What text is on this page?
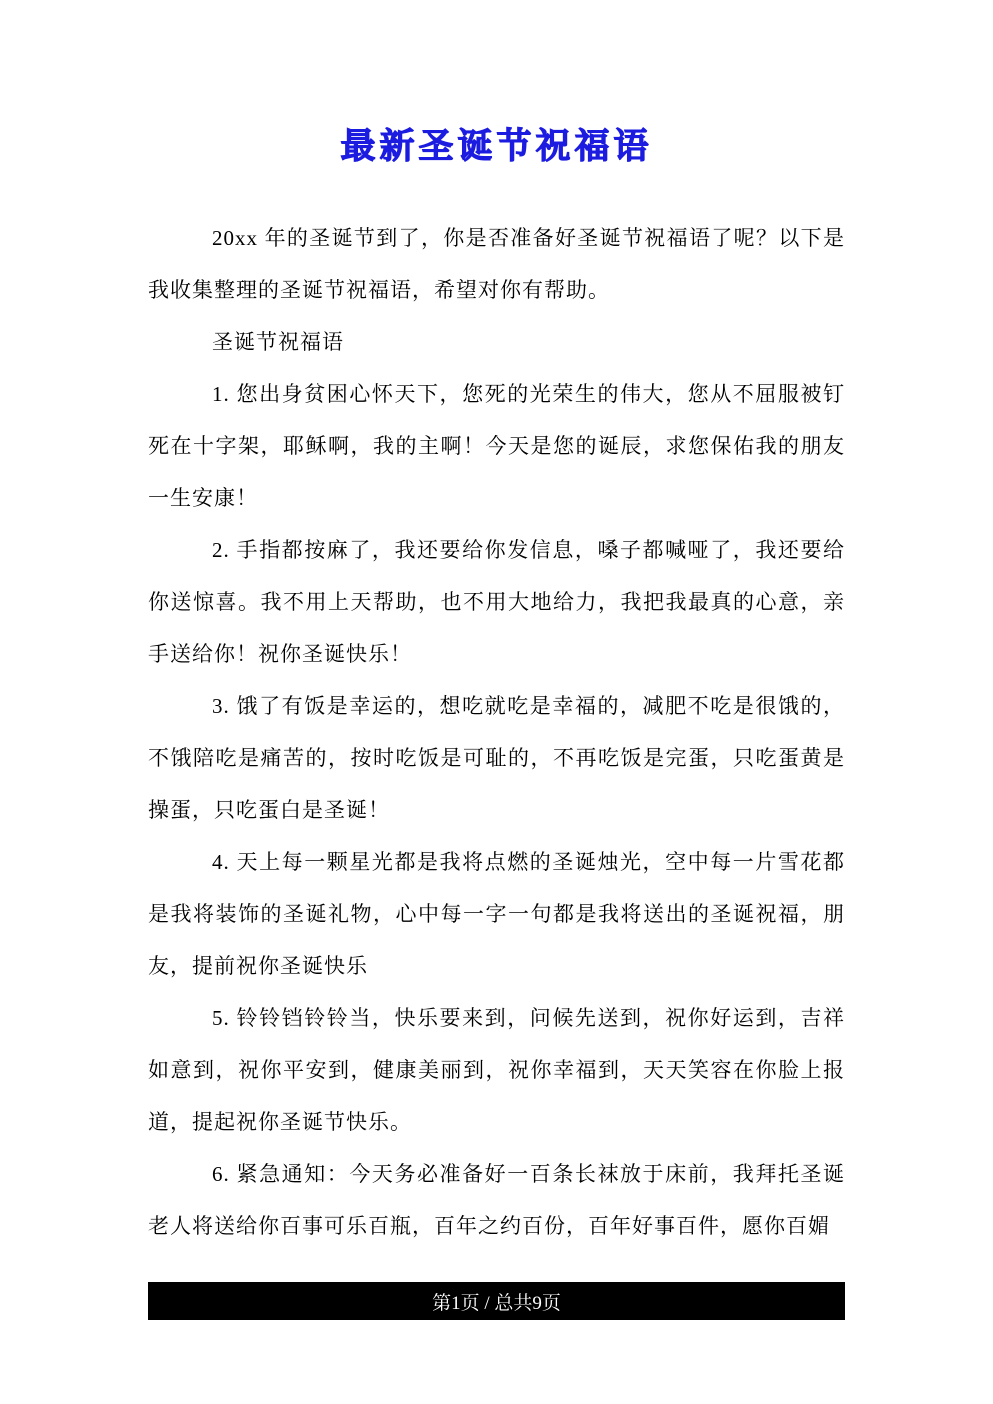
最新圣诞节祝福语

20xx 年的圣诞节到了，你是否准备好圣诞节祝福语了呢？以下是我收集整理的圣诞节祝福语，希望对你有帮助。

圣诞节祝福语

1. 您出身贫困心怀天下，您死的光荣生的伟大，您从不屈服被钉死在十字架，耶稣啊，我的主啊！今天是您的诞辰，求您保佑我的朋友一生安康！

2. 手指都按麻了，我还要给你发信息，嗓子都喊哑了，我还要给你送惊喜。我不用上天帮助，也不用大地给力，我把我最真的心意，亲手送给你！祝你圣诞快乐！

3. 饿了有饭是幸运的，想吃就吃是幸福的，减肥不吃是很饿的，不饿陪吃是痛苦的，按时吃饭是可耻的，不再吃饭是完蛋，只吃蛋黄是操蛋，只吃蛋白是圣诞！

4. 天上每一颗星光都是我将点燃的圣诞烛光，空中每一片雪花都是我将装饰的圣诞礼物，心中每一字一句都是我将送出的圣诞祝福，朋友，提前祝你圣诞快乐

5. 铃铃铛铃铃当，快乐要来到，问候先送到，祝你好运到，吉祥如意到，祝你平安到，健康美丽到，祝你幸福到，天天笑容在你脸上报道，提起祝你圣诞节快乐。

6. 紧急通知：今天务必准备好一百条长袜放于床前，我拜托圣诞老人将送给你百事可乐百瓶，百年之约百份，百年好事百件，愿你百媚

第1页 / 总共9页
